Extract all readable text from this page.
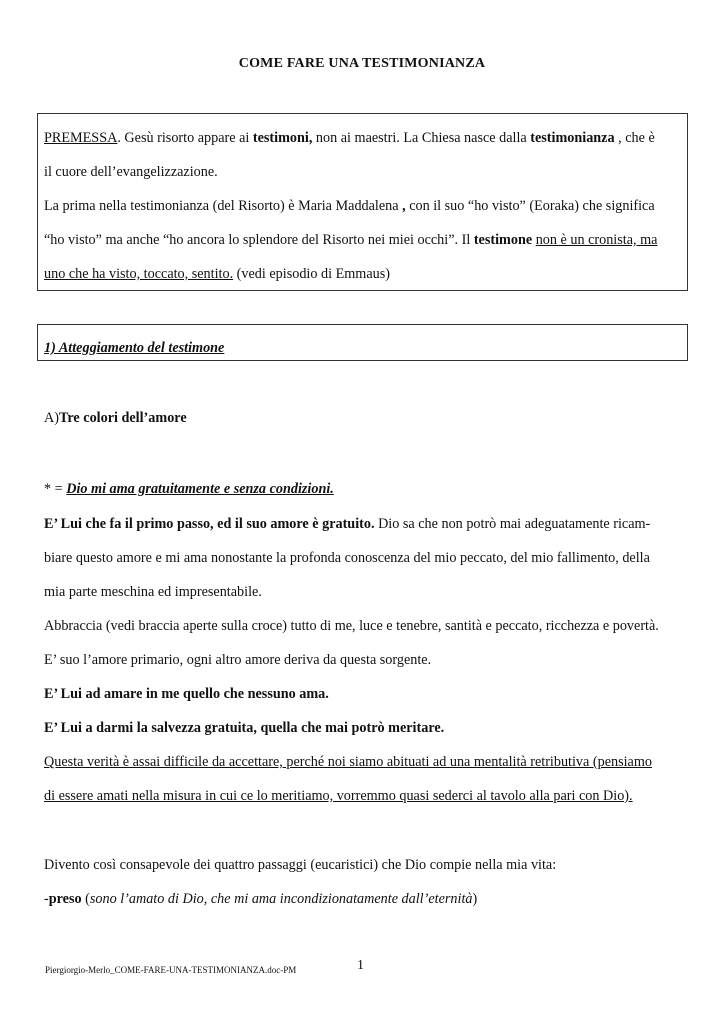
COME FARE UNA TESTIMONIANZA
PREMESSA. Gesù risorto appare ai testimoni, non ai maestri. La Chiesa nasce dalla testimonianza , che è
il cuore dell’evangelizzazione.
La prima nella testimonianza (del Risorto) è Maria Maddalena , con il suo “ho visto” (Eoraka) che significa
“ho visto” ma anche “ho ancora lo splendore del Risorto nei miei occhi”. Il testimone non è un cronista, ma
uno che ha visto, toccato, sentito. (vedi episodio di Emmaus)
1) Atteggiamento del testimone
A)Tre colori dell’amore
* = Dio mi ama gratuitamente e senza condizioni.
E’ Lui che fa il primo passo, ed il suo amore è gratuito. Dio sa che non potrò mai adeguatamente ricam-
biare questo amore e mi ama nonostante la profonda conoscenza del mio peccato, del mio fallimento, della
mia parte meschina ed impresentabile.
Abbraccia (vedi braccia aperte sulla croce) tutto di me, luce e tenebre, santità e peccato, ricchezza e povertà.
E’ suo l’amore primario, ogni altro amore deriva da questa sorgente.
E’ Lui ad amare in me quello che nessuno ama.
E’ Lui a darmi la salvezza gratuita, quella che mai potrò meritare.
Questa verità è assai difficile da accettare, perché noi siamo abituati ad una mentalità retributiva (pensiamo
di essere amati nella misura in cui ce lo meritiamo, vorremmo quasi sederci al tavolo alla pari con Dio).
Divento così consapevole dei quattro passaggi (eucaristici) che Dio compie nella mia vita:
-preso (sono l’amato di Dio, che mi ama incondizionatamente dall’eternità)
Piergiorgio-Merlo_COME-FARE-UNA-TESTIMONIANZA.doc-PM	1
